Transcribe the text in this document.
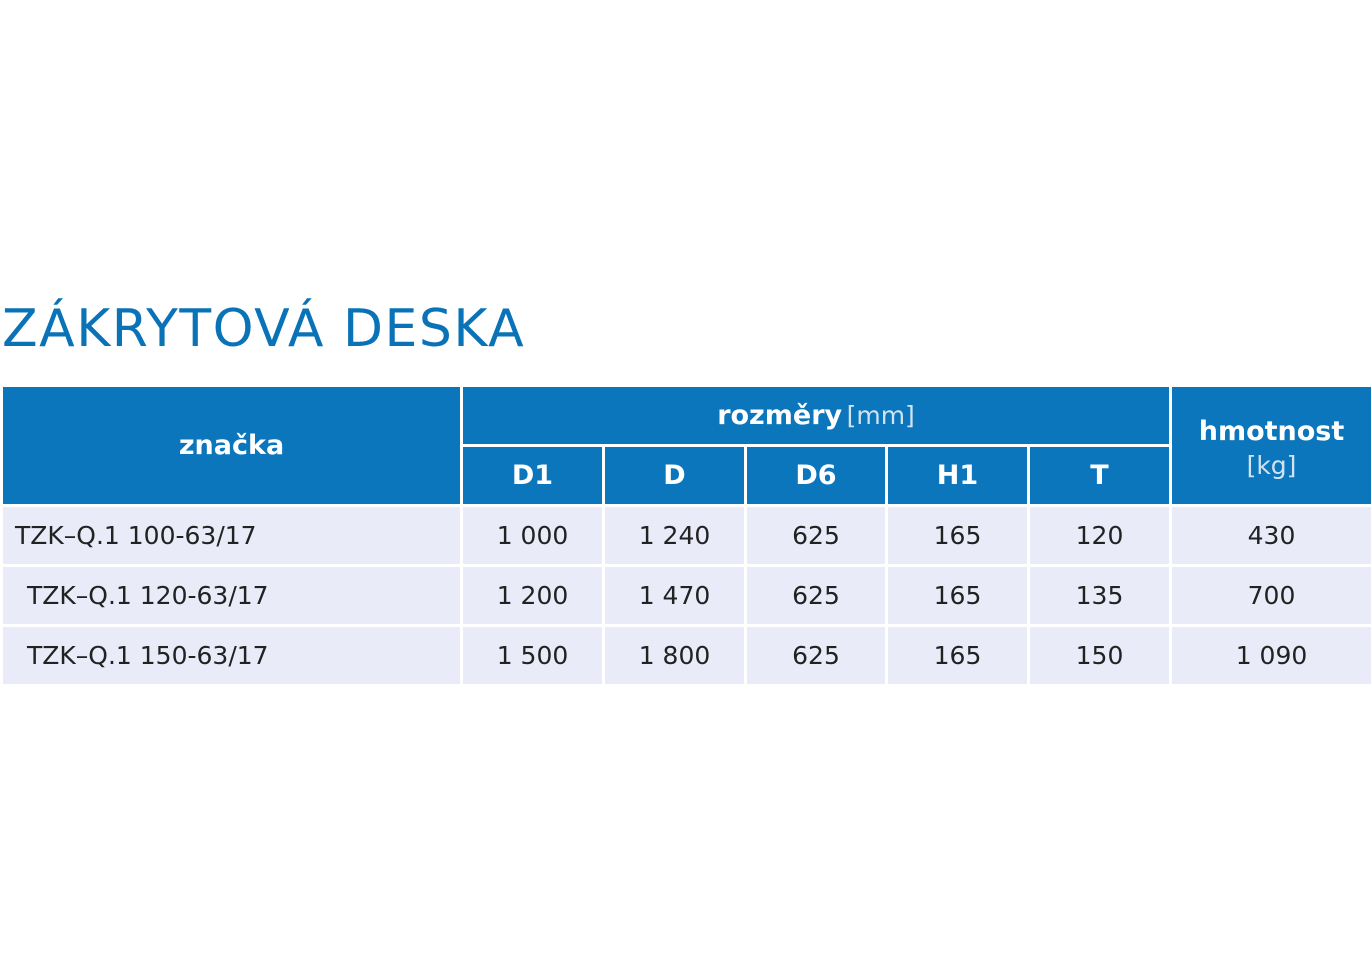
ZÁKRYTOVÁ DESKA
značka	rozměry [mm]					hmotnost
[kg]

	D1	D	D6	H1	T	
TZK–Q.1 100-63/17	1 000	1 240	625	165	120	430
TZK–Q.1 120-63/17	1 200	1 470	625	165	135	700
TZK–Q.1 150-63/17	1 500	1 800	625	165	150	1 090
